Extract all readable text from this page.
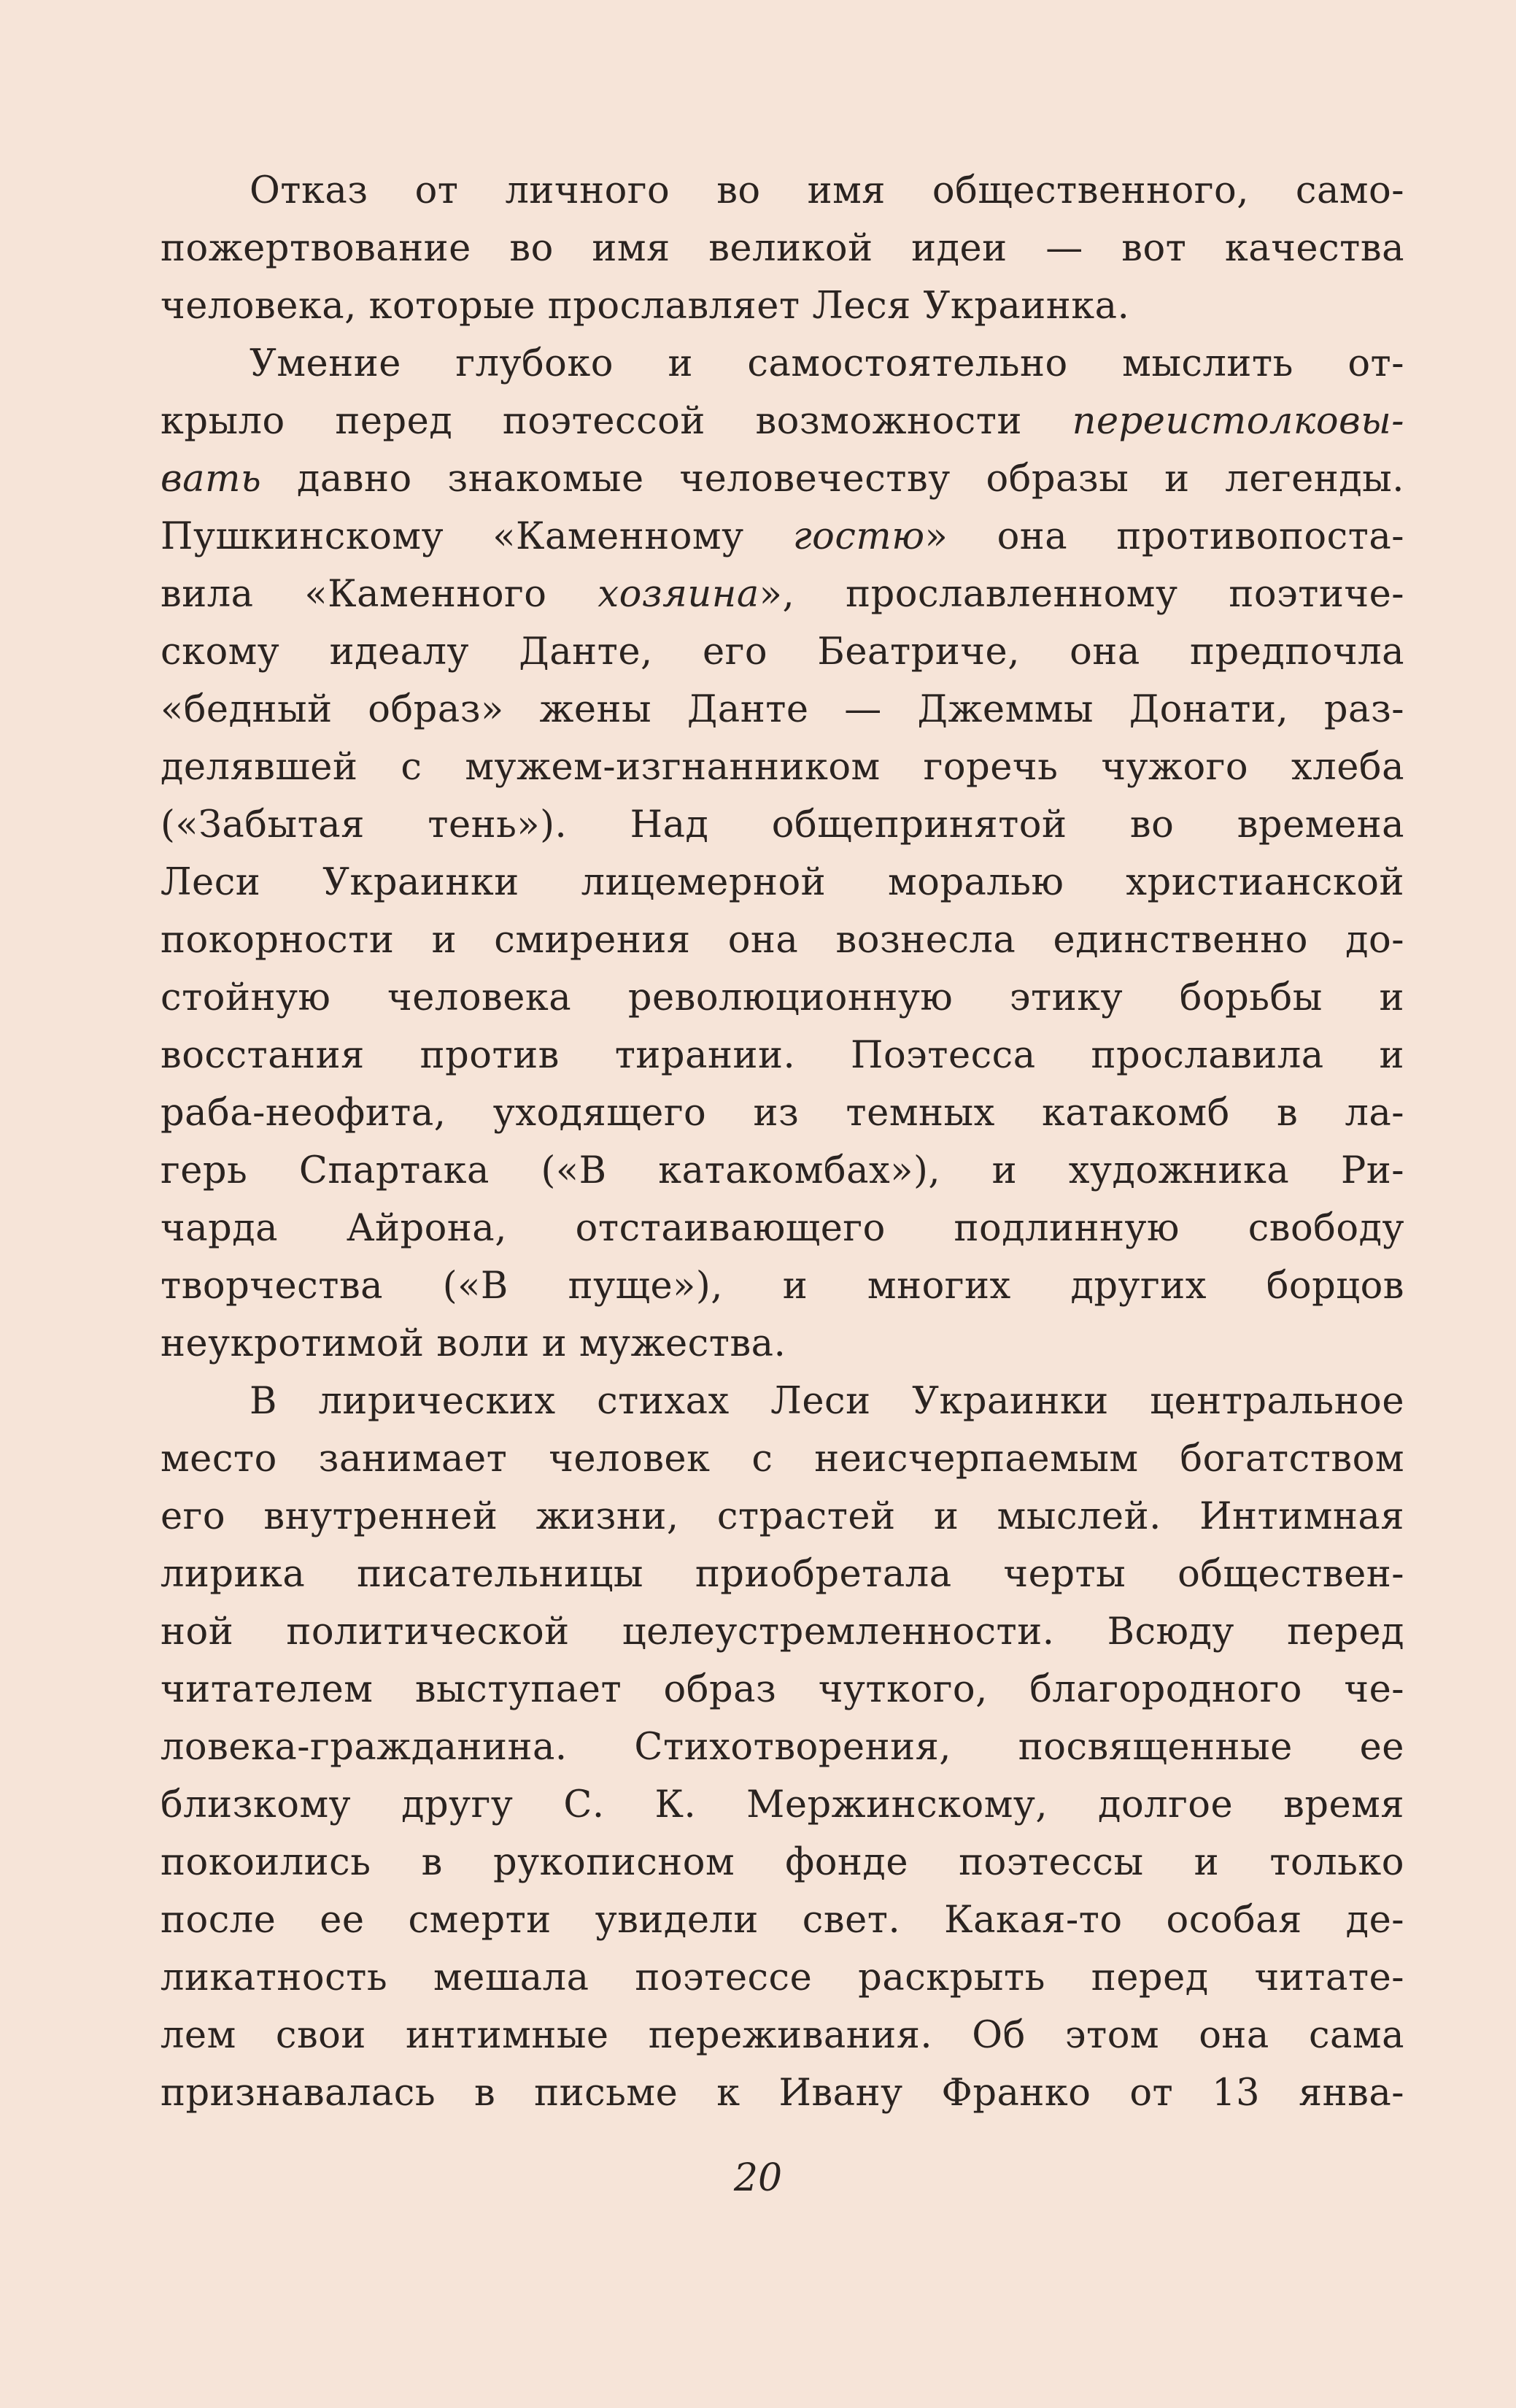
Отказ от личного во имя общественного, само-
пожертвование во имя великой идеи — вот качества
человека, которые прославляет Леся Украинка.
Умение глубоко и самостоятельно мыслить от-
крыло перед поэтессой возможности переистолковы-
вать давно знакомые человечеству образы и легенды.
Пушкинскому «Каменному гостю» она противопоста-
вила «Каменного хозяина», прославленному поэтиче-
скому идеалу Данте, его Беатриче, она предпочла
«бедный образ» жены Данте — Джеммы Донати, раз-
делявшей с мужем-изгнанником горечь чужого хлеба
(«Забытая тень»). Над общепринятой во времена
Леси Украинки лицемерной моралью христианской
покорности и смирения она вознесла единственно до-
стойную человека революционную этику борьбы и
восстания против тирании. Поэтесса прославила и
раба-неофита, уходящего из темных катакомб в ла-
герь Спартака («В катакомбах»), и художника Ри-
чарда Айрона, отстаивающего подлинную свободу
творчества («В пуще»), и многих других борцов
неукротимой воли и мужества.
В лирических стихах Леси Украинки центральное
место занимает человек с неисчерпаемым богатством
его внутренней жизни, страстей и мыслей. Интимная
лирика писательницы приобретала черты обществен-
ной политической целеустремленности. Всюду перед
читателем выступает образ чуткого, благородного че-
ловека-гражданина. Стихотворения, посвященные ее
близкому другу С. К. Мержинскому, долгое время
покоились в рукописном фонде поэтессы и только
после ее смерти увидели свет. Какая-то особая де-
ликатность мешала поэтессе раскрыть перед читате-
лем свои интимные переживания. Об этом она сама
признавалась в письме к Ивану Франко от 13 янва-
20
